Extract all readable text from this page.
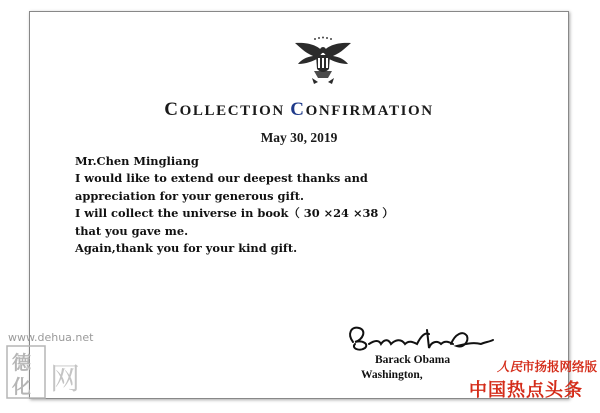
COLLECTION CONFIRMATION
May 30, 2019
Mr.Chen Mingliang
I would like to extend our deepest thanks and
appreciation for your generous gift.
I will collect the universe in book（ 30 ×24 ×38 ）
that you gave me.
Again,thank you for your kind gift.
Barack Obama
Washington,
www.dehua.net
德
化 网	人民市扬报网络版
中国热点头条
